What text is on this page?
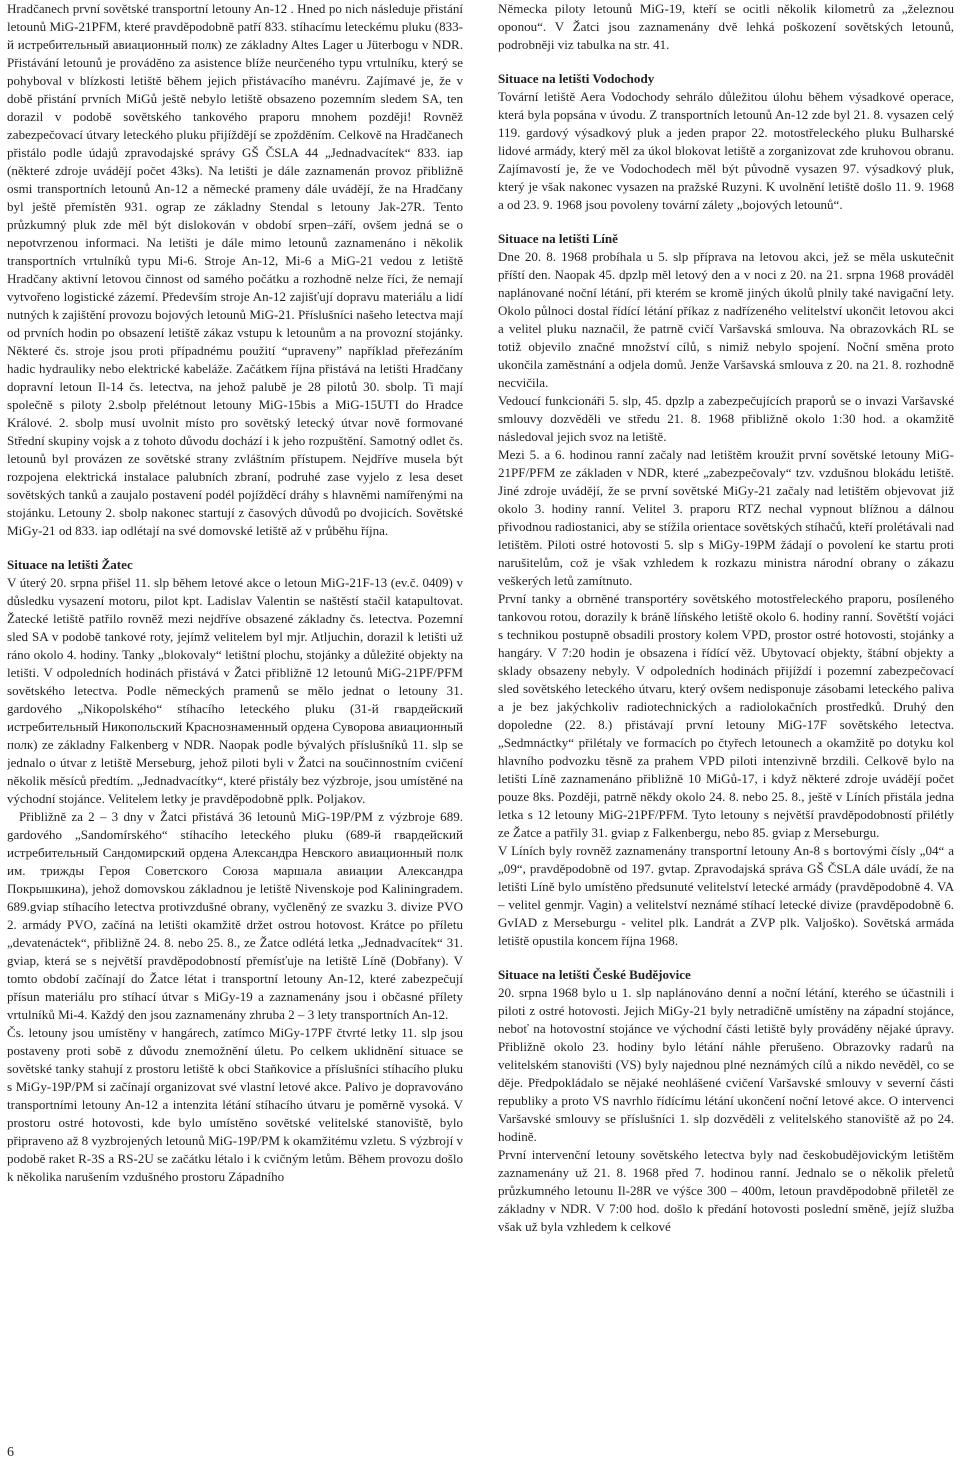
Hradčanech první sovětské transportní letouny An-12 . Hned po nich následuje přistání letounů MiG-21PFM, které pravděpodobně patří 833. stíhacímu leteckému pluku (833-й истребительный авиационный полк) ze základny Altes Lager u Jüterbogu v NDR. Přistávání letounů je prováděno za asistence blíže neurčeného typu vrtulníku, který se pohyboval v blízkosti letiště během jejich přistávacího manévru. Zajímavé je, že v době přistání prvních MiGů ještě nebylo letiště obsazeno pozemním sledem SA, ten dorazil v podobě sovětského tankového praporu mnohem později! Rovněž zabezpečovací útvary leteckého pluku přijíždějí se zpožděním. Celkově na Hradčanech přistálo podle údajů zpravodajské správy GŠ ČSLA 44 „Jednadvacítek“ 833. iap (některé zdroje uvádějí počet 43ks). Na letišti je dále zaznamenán provoz přibližně osmi transportních letounů An-12 a německé prameny dále uvádějí, že na Hradčany byl ještě přemístěn 931. ograp ze základny Stendal s letouny Jak-27R. Tento průzkumný pluk zde měl být dislokován v období srpen–září, ovšem jedná se o nepotvrzenou informaci. Na letišti je dále mimo letounů zaznamenáno i několik transportních vrtulníků typu Mi-6. Stroje An-12, Mi-6 a MiG-21 vedou z letiště Hradčany aktivní letovou činnost od samého počátku a rozhodně nelze říci, že nemají vytvořeno logistické zázemí. Především stroje An-12 zajišťují dopravu materiálu a lidí nutných k zajištění provozu bojových letounů MiG-21. Příslušníci našeho letectva mají od prvních hodin po obsazení letiště zákaz vstupu k letounům a na provozní stojánky. Některé čs. stroje jsou proti případnému použití “upraveny” například přeřezáním hadic hydrauliky nebo elektrické kabeláže. Začátkem října přistává na letišti Hradčany dopravní letoun Il-14 čs. letectva, na jehož palubě je 28 pilotů 30. sbolp. Ti mají společně s piloty 2.sbolp přelétnout letouny MiG-15bis a MiG-15UTI do Hradce Králové. 2. sbolp musí uvolnit místo pro sovětský letecký útvar nově formované Střední skupiny vojsk a z tohoto důvodu dochází i k jeho rozpuštění. Samotný odlet čs. letounů byl provázen ze sovětské strany zvláštním přístupem. Nejdříve musela být rozpojena elektrická instalace palubních zbraní, podruhé zase vyjelo z lesa deset sovětských tanků a zaujalo postavení podél pojížděcí dráhy s hlavněmi namířenými na stojánku. Letouny 2. sbolp nakonec startují z časových důvodů po dvojicích. Sovětské MiGy-21 od 833. iap odlétají na své domovské letiště až v průběhu října.

Situace na letišti Žatec

V úterý 20. srpna přišel 11. slp během letové akce o letoun MiG-21F-13 (ev.č. 0409) v důsledku vysazení motoru, pilot kpt. Ladislav Valentin se naštěstí stačil katapultovat. Žatecké letiště patřilo rovněž mezi nejdříve obsazené základny čs. letectva. Pozemní sled SA v podobě tankové roty, jejímž velitelem byl mjr. Atljuchin, dorazil k letišti už ráno okolo 4. hodiny. Tanky „blokovaly“ letištní plochu, stojánky a důležité objekty na letišti. V odpoledních hodinách přistává v Žatci přibližně 12 letounů MiG-21PF/PFM sovětského letectva. Podle německých pramenů se mělo jednat o letouny 31. gardového „Nikopolského“ stíhacího leteckého pluku (31-й гвардейский истребительный Никопольский Краснознаменный ордена Суворова авиационный полк) ze základny Falkenberg v NDR. Naopak podle bývalých příslušníků 11. slp se jednalo o útvar z letiště Merseburg, jehož piloti byli v Žatci na součinnostním cvičení několik měsíců předtím. „Jednadvacítky“, které přistály bez výzbroje, jsou umístěné na východní stojánce. Velitelem letky je pravděpodobně pplk. Poljakov.

Přibližně za 2 – 3 dny v Žatci přistává 36 letounů MiG-19P/PM z výzbroje 689. gardového „Sandomírského“ stíhacího leteckého pluku (689-й гвардейский истребительный Сандомирский ордена Александра Невского авиационный полк им. трижды Героя Советского Союза маршала авиации Александра Покрышкина), jehož domovskou základnou je letiště Nivenskoje pod Kaliningradem. 689.gviap stíhacího letectva protivzdušné obrany, vyčleněný ze svazku 3. divize PVO 2. armády PVO, začíná na letišti okamžitě držet ostrou hotovost. Krátce po příletu „devatenáctek“, přibližně 24. 8. nebo 25. 8., ze Žatce odlétá letka „Jednadvacítek“ 31. gviap, která se s největší pravděpodobností přemísťuje na letiště Líně (Dobřany). V tomto období začínají do Žatce létat i transportní letouny An-12, které zabezpečují přísun materiálu pro stíhací útvar s MiGy-19 a zaznamenány jsou i občasné přílety vrtulníků Mi-4. Každý den jsou zaznamenány zhruba 2 – 3 lety transportních An-12.

Čs. letouny jsou umístěny v hangárech, zatímco MiGy-17PF čtvrté letky 11. slp jsou postaveny proti sobě z důvodu znemožnění úletu. Po celkem uklidnění situace se sovětské tanky stahují z prostoru letiště k obci Staňkovice a příslušníci stíhacího pluku s MiGy-19P/PM si začínají organizovat své vlastní letové akce. Palivo je dopravováno transportními letouny An-12 a intenzita létání stíhacího útvaru je poměrně vysoká. V prostoru ostré hotovosti, kde bylo umístěno sovětské velitelské stanoviště, bylo připraveno až 8 vyzbrojených letounů MiG-19P/PM k okamžitému vzletu. S výzbrojí v podobě raket R-3S a RS-2U se začátku létalo i k cvičným letům. Během provozu došlo k několika narušením vzdušného prostoru Západního

Německa piloty letounů MiG-19, kteří se ocitli několik kilometrů za „železnou oponou“. V Žatci jsou zaznamenány dvě lehká poškození sovětských letounů, podrobněji viz tabulka na str. 41.

Situace na letišti Vodochody

Tovární letiště Aera Vodochody sehrálo důležitou úlohu během výsadkové operace, která byla popsána v úvodu. Z transportních letounů An-12 zde byl 21. 8. vysazen celý 119. gardový výsadkový pluk a jeden prapor 22. motostřeleckého pluku Bulharské lidové armády, který měl za úkol blokovat letiště a zorganizovat zde kruhovou obranu. Zajímavostí je, že ve Vodochodech měl být původně vysazen 97. výsadkový pluk, který je však nakonec vysazen na pražské Ruzyni. K uvolnění letiště došlo 11. 9. 1968 a od 23. 9. 1968 jsou povoleny tovární zálety „bojových letounů“.

Situace na letišti Líně

Dne 20. 8. 1968 probíhala u 5. slp příprava na letovou akci, jež se měla uskutečnit příští den. Naopak 45. dpzlp měl letový den a v noci z 20. na 21. srpna 1968 prováděl naplánované noční létání, při kterém se kromě jiných úkolů plnily také navigační lety. Okolo půlnoci dostal řídící létání příkaz z nadřízeného velitelství ukončit letovou akci a velitel pluku naznačil, že patrně cvičí Varšavská smlouva. Na obrazovkách RL se totiž objevilo značné množství cílů, s nimiž nebylo spojení. Noční směna proto ukončila zaměstnání a odjela domů. Jenže Varšavská smlouva z 20. na 21. 8. rozhodně necvičila.

Vedoucí funkcionáři 5. slp, 45. dpzlp a zabezpečujících praporů se o invazi Varšavské smlouvy dozvěděli ve středu 21. 8. 1968 přibližně okolo 1:30 hod. a okamžitě následoval jejich svoz na letiště.

Mezi 5. a 6. hodinou ranní začaly nad letištěm kroužit první sovětské letouny MiG-21PF/PFM ze základen v NDR, které „zabezpečovaly“ tzv. vzdušnou blokádu letiště. Jiné zdroje uvádějí, že se první sovětské MiGy-21 začaly nad letištěm objevovat již okolo 3. hodiny ranní. Velitel 3. praporu RTZ nechal vypnout blížnou a dálnou přivodnou radiostanici, aby se stížila orientace sovětských stíhačů, kteří prolétávali nad letištěm. Piloti ostré hotovosti 5. slp s MiGy-19PM žádají o povolení ke startu proti narušitelům, což je však vzhledem k rozkazu ministra národní obrany o zákazu veškerých letů zamítnuto.

První tanky a obrněné transportéry sovětského motostřeleckého praporu, posíleného tankovou rotou, dorazily k bráně líňského letiště okolo 6. hodiny ranní. Sovětští vojáci s technikou postupně obsadili prostory kolem VPD, prostor ostré hotovosti, stojánky a hangáry. V 7:20 hodin je obsazena i řídící věž. Ubytovací objekty, štábní objekty a sklady obsazeny nebyly. V odpoledních hodinách přijíždí i pozemní zabezpečovací sled sovětského leteckého útvaru, který ovšem nedisponuje zásobami leteckého paliva a je bez jakýchkoliv radiotechnických a radiolokačních prostředků. Druhý den dopoledne (22. 8.) přistávají první letouny MiG-17F sovětského letectva. „Sedmnáctky“ přilétaly ve formacích po čtyřech letounech a okamžitě po dotyku kol hlavního podvozku těsně za prahem VPD piloti intenzivně brzdili. Celkově bylo na letišti Líně zaznamenáno přibližně 10 MiGů-17, i když některé zdroje uvádějí počet pouze 8ks. Později, patrně někdy okolo 24. 8. nebo 25. 8., ještě v Líních přistála jedna letka s 12 letouny MiG-21PF/PFM. Tyto letouny s největší pravděpodobností přilétly ze Žatce a patřily 31. gviap z Falkenbergu, nebo 85. gviap z Merseburgu.

V Líních byly rovněž zaznamenány transportní letouny An-8 s bortovými čísly „04“ a „09“, pravděpodobně od 197. gvtap. Zpravodajská správa GŠ ČSLA dále uvádí, že na letišti Líně bylo umístěno předsunuté velitelství letecké armády (pravděpodobně 4. VA – velitel genmjr. Vagin) a velitelství neznámé stíhací letecké divize (pravděpodobně 6. GvIAD z Merseburgu - velitel plk. Landrát a ZVP plk. Valjoško). Sovětská armáda letiště opustila koncem října 1968.

Situace na letišti České Budějovice

20. srpna 1968 bylo u 1. slp naplánováno denní a noční létání, kterého se účastnili i piloti z ostré hotovosti. Jejich MiGy-21 byly netradičně umístěny na západní stojánce, neboť na hotovostní stojánce ve východní části letiště byly prováděny nějaké úpravy. Přibližně okolo 23. hodiny bylo létání náhle přerušeno. Obrazovky radarů na velitelském stanovišti (VS) byly najednou plné neznámých cílů a nikdo nevěděl, co se děje. Předpokládalo se nějaké neohlášené cvičení Varšavské smlouvy v severní části republiky a proto VS navrhlo řídícímu létání ukončení noční letové akce. O intervenci Varšavské smlouvy se příslušníci 1. slp dozvěděli z velitelského stanoviště až po 24. hodině.

První intervenční letouny sovětského letectva byly nad českobudějovickým letištěm zaznamenány už 21. 8. 1968 před 7. hodinou ranní. Jednalo se o několik přeletů průzkumného letounu Il-28R ve výšce 300 – 400m, letoun pravděpodobně přiletěl ze základny v NDR. V 7:00 hod. došlo k předání hotovosti poslední směně, jejíž služba však už byla vzhledem k celkové

6
